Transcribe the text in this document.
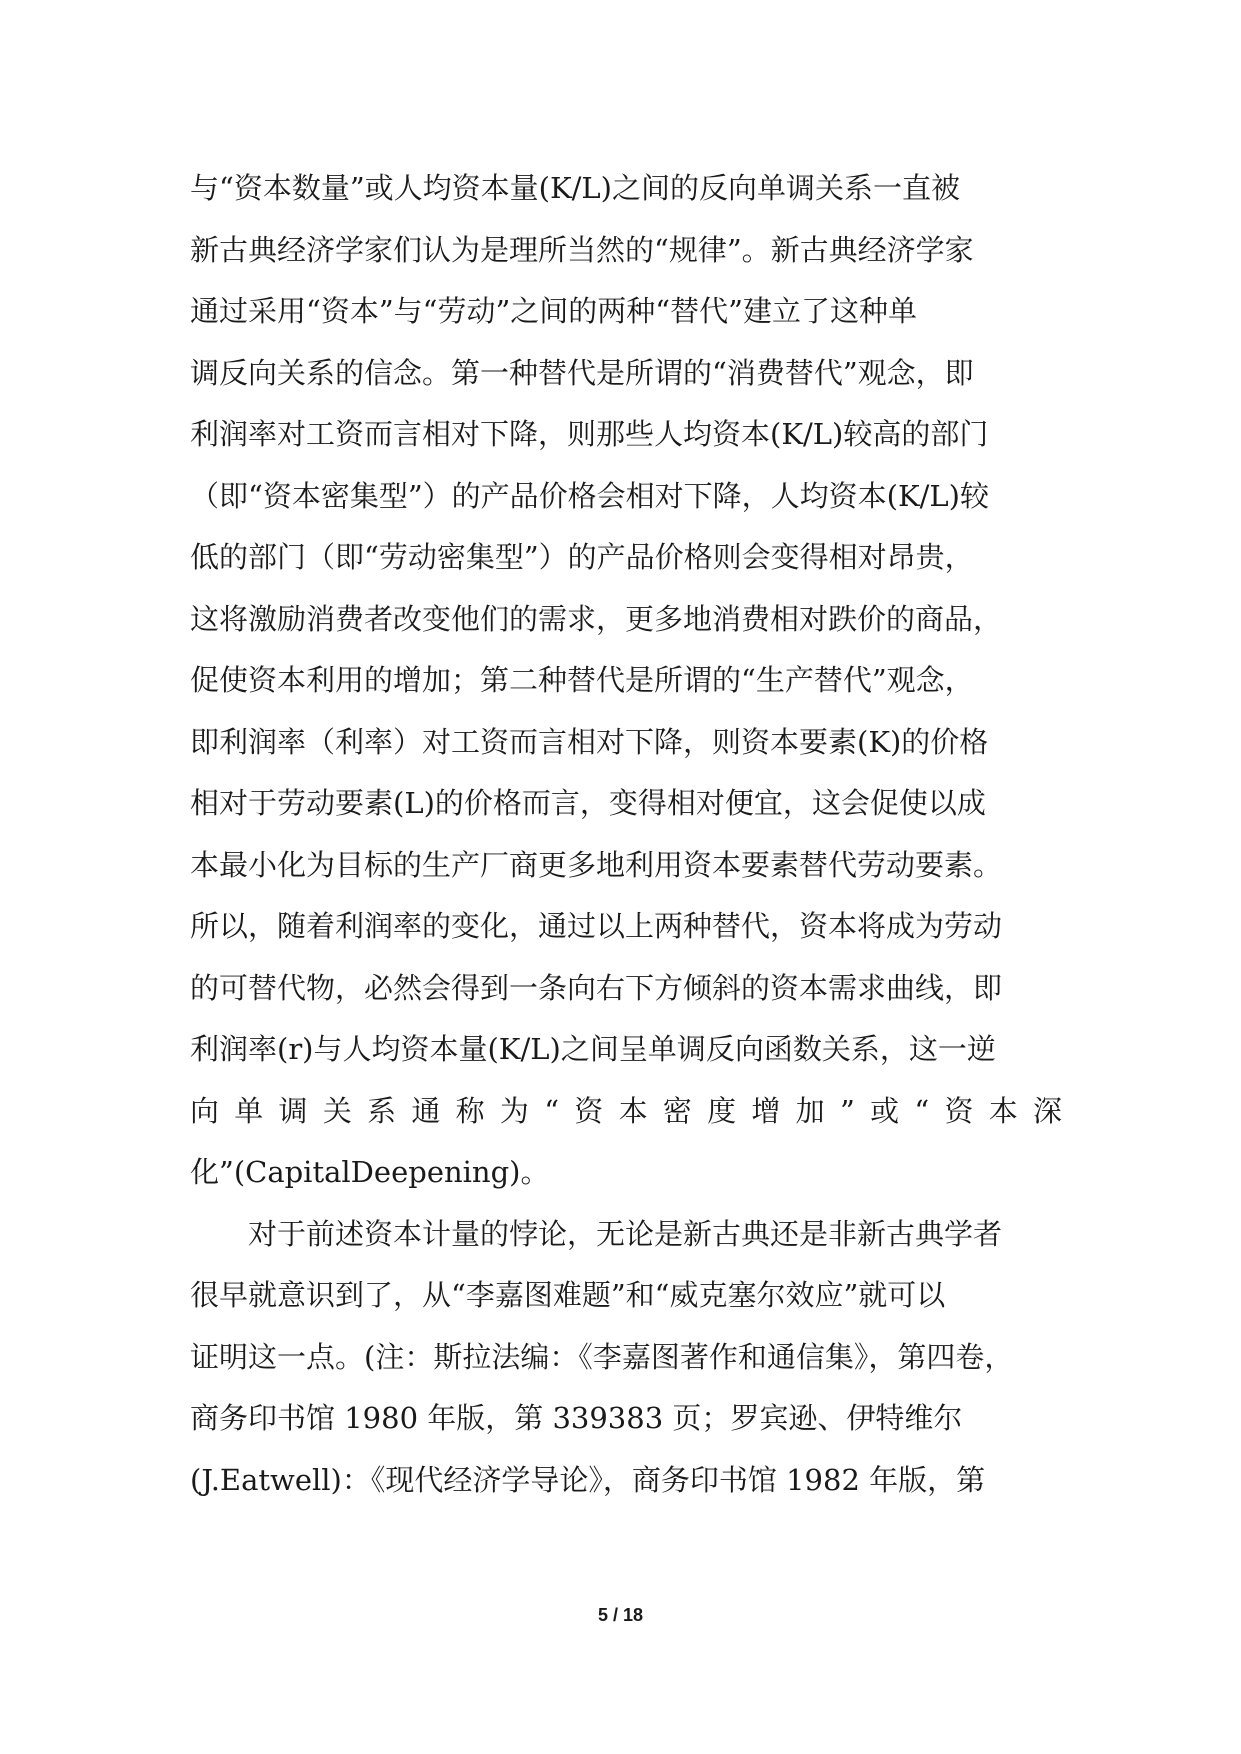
与“资本数量”或人均资本量(K/L)之间的反向单调关系一直被
新古典经济学家们认为是理所当然的“规律”。新古典经济学家
通过采用“资本”与“劳动”之间的两种“替代”建立了这种单
调反向关系的信念。第一种替代是所谓的“消费替代”观念，即
利润率对工资而言相对下降，则那些人均资本(K/L)较高的部门
（即“资本密集型”）的产品价格会相对下降，人均资本(K/L)较
低的部门（即“劳动密集型”）的产品价格则会变得相对昂贵，
这将激励消费者改变他们的需求，更多地消费相对跌价的商品，
促使资本利用的增加；第二种替代是所谓的“生产替代”观念，
即利润率（利率）对工资而言相对下降，则资本要素(K)的价格
相对于劳动要素(L)的价格而言，变得相对便宜，这会促使以成
本最小化为目标的生产厂商更多地利用资本要素替代劳动要素。
所以，随着利润率的变化，通过以上两种替代，资本将成为劳动
的可替代物，必然会得到一条向右下方倾斜的资本需求曲线，即
利润率(r)与人均资本量(K/L)之间呈单调反向函数关系，这一逆
向单调关系通称为“资本密度增加”或“资本深
化”(CapitalDeepening)。
对于前述资本计量的悖论，无论是新古典还是非新古典学者
很早就意识到了，从“李嘉图难题”和“威克塞尔效应”就可以
证明这一点。(注：斯拉法编：《李嘉图著作和通信集》，第四卷，
商务印书馆 1980 年版，第 339383 页；罗宾逊、伊特维尔
(J.Eatwell)：《现代经济学导论》，商务印书馆 1982 年版，第
5 / 18
